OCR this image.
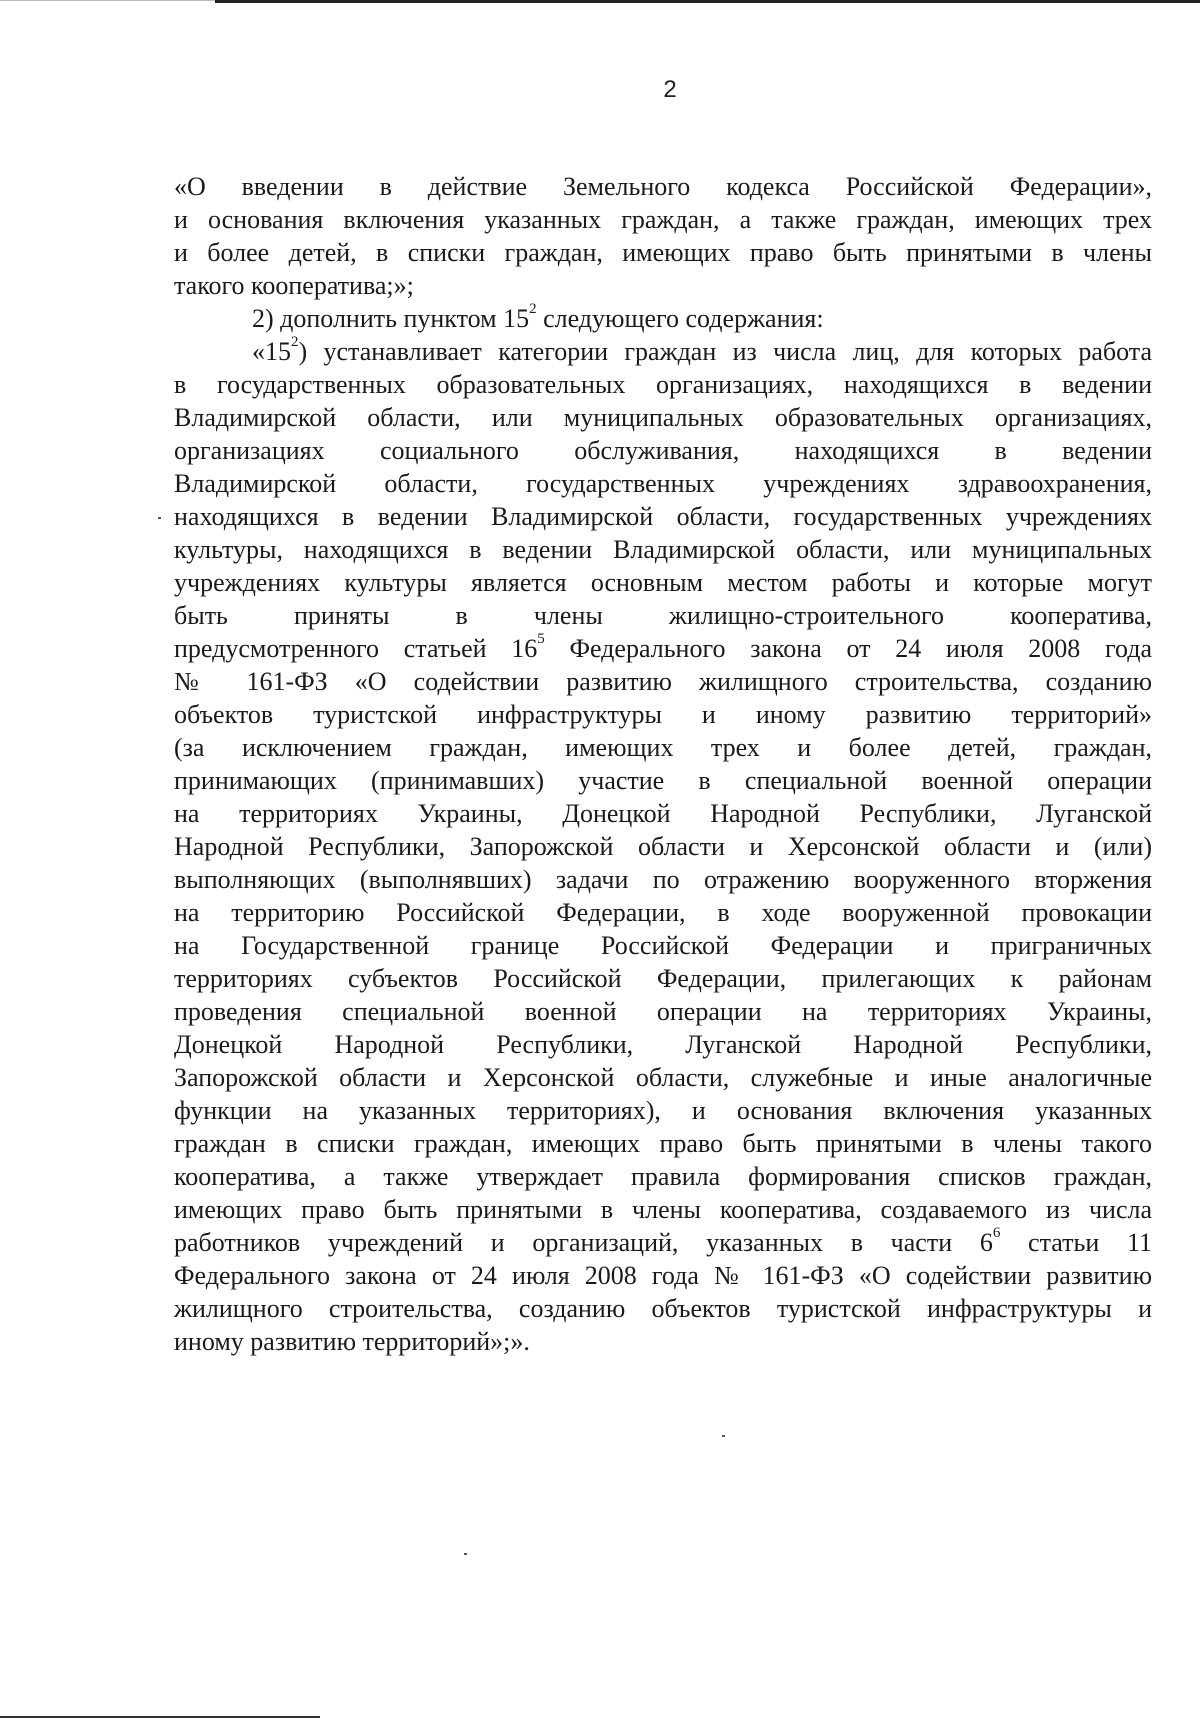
2
«О введении в действие Земельного кодекса Российской Федерации»,
и основания включения указанных граждан, а также граждан, имеющих трех
и более детей, в списки граждан, имеющих право быть принятыми в члены
такого кооператива;»;
2) дополнить пунктом $15^2$ следующего содержания:
«$15^2$) устанавливает категории граждан из числа лиц, для которых работа
в государственных образовательных организациях, находящихся в ведении
Владимирской области, или муниципальных образовательных организациях,
организациях социального обслуживания, находящихся в ведении
Владимирской области, государственных учреждениях здравоохранения,
находящихся в ведении Владимирской области, государственных учреждениях
культуры, находящихся в ведении Владимирской области, или муниципальных
учреждениях культуры является основным местом работы и которые могут
быть приняты в члены жилищно-строительного кооператива,
предусмотренного статьей $16^5$ Федерального закона от 24 июля 2008 года
№ 161-ФЗ «О содействии развитию жилищного строительства, созданию
объектов туристской инфраструктуры и иному развитию территорий»
(за исключением граждан, имеющих трех и более детей, граждан,
принимающих (принимавших) участие в специальной военной операции
на территориях Украины, Донецкой Народной Республики, Луганской
Народной Республики, Запорожской области и Херсонской области и (или)
выполняющих (выполнявших) задачи по отражению вооруженного вторжения
на территорию Российской Федерации, в ходе вооруженной провокации
на Государственной границе Российской Федерации и приграничных
территориях субъектов Российской Федерации, прилегающих к районам
проведения специальной военной операции на территориях Украины,
Донецкой Народной Республики, Луганской Народной Республики,
Запорожской области и Херсонской области, служебные и иные аналогичные
функции на указанных территориях), и основания включения указанных
граждан в списки граждан, имеющих право быть принятыми в члены такого
кооператива, а также утверждает правила формирования списков граждан,
имеющих право быть принятыми в члены кооператива, создаваемого из числа
работников учреждений и организаций, указанных в части $6^6$ статьи 11
Федерального закона от 24 июля 2008 года № 161-ФЗ «О содействии развитию
жилищного строительства, созданию объектов туристской инфраструктуры и
иному развитию территорий»;».
